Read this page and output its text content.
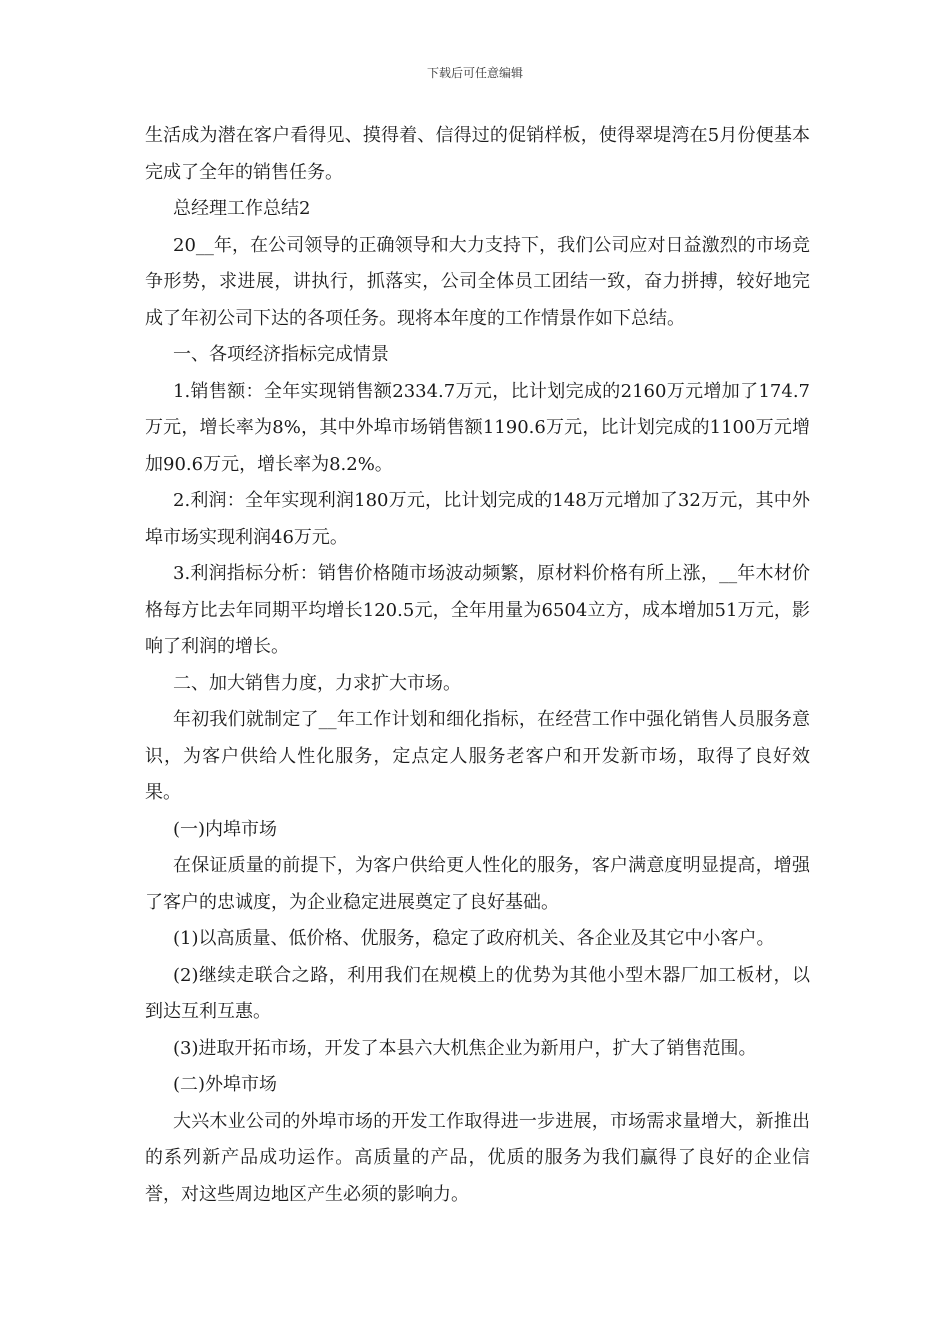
下载后可任意编辑

生活成为潜在客户看得见、摸得着、信得过的促销样板，使得翠堤湾在5月份便基本完成了全年的销售任务。

总经理工作总结2

20__年，在公司领导的正确领导和大力支持下，我们公司应对日益激烈的市场竞争形势，求进展，讲执行，抓落实，公司全体员工团结一致，奋力拼搏，较好地完成了年初公司下达的各项任务。现将本年度的工作情景作如下总结。

一、各项经济指标完成情景

1.销售额：全年实现销售额2334.7万元，比计划完成的2160万元增加了174.7万元，增长率为8%，其中外埠市场销售额1190.6万元，比计划完成的1100万元增加90.6万元，增长率为8.2%。

2.利润：全年实现利润180万元，比计划完成的148万元增加了32万元，其中外埠市场实现利润46万元。

3.利润指标分析：销售价格随市场波动频繁，原材料价格有所上涨，__年木材价格每方比去年同期平均增长120.5元，全年用量为6504立方，成本增加51万元，影响了利润的增长。

二、加大销售力度，力求扩大市场。

年初我们就制定了__年工作计划和细化指标，在经营工作中强化销售人员服务意识，为客户供给人性化服务，定点定人服务老客户和开发新市场，取得了良好效果。

(一)内埠市场

在保证质量的前提下，为客户供给更人性化的服务，客户满意度明显提高，增强了客户的忠诚度，为企业稳定进展奠定了良好基础。

(1)以高质量、低价格、优服务，稳定了政府机关、各企业及其它中小客户。

(2)继续走联合之路，利用我们在规模上的优势为其他小型木器厂加工板材，以到达互利互惠。

(3)进取开拓市场，开发了本县六大机焦企业为新用户，扩大了销售范围。

(二)外埠市场

大兴木业公司的外埠市场的开发工作取得进一步进展，市场需求量增大，新推出的系列新产品成功运作。高质量的产品，优质的服务为我们赢得了良好的企业信誉，对这些周边地区产生必须的影响力。
